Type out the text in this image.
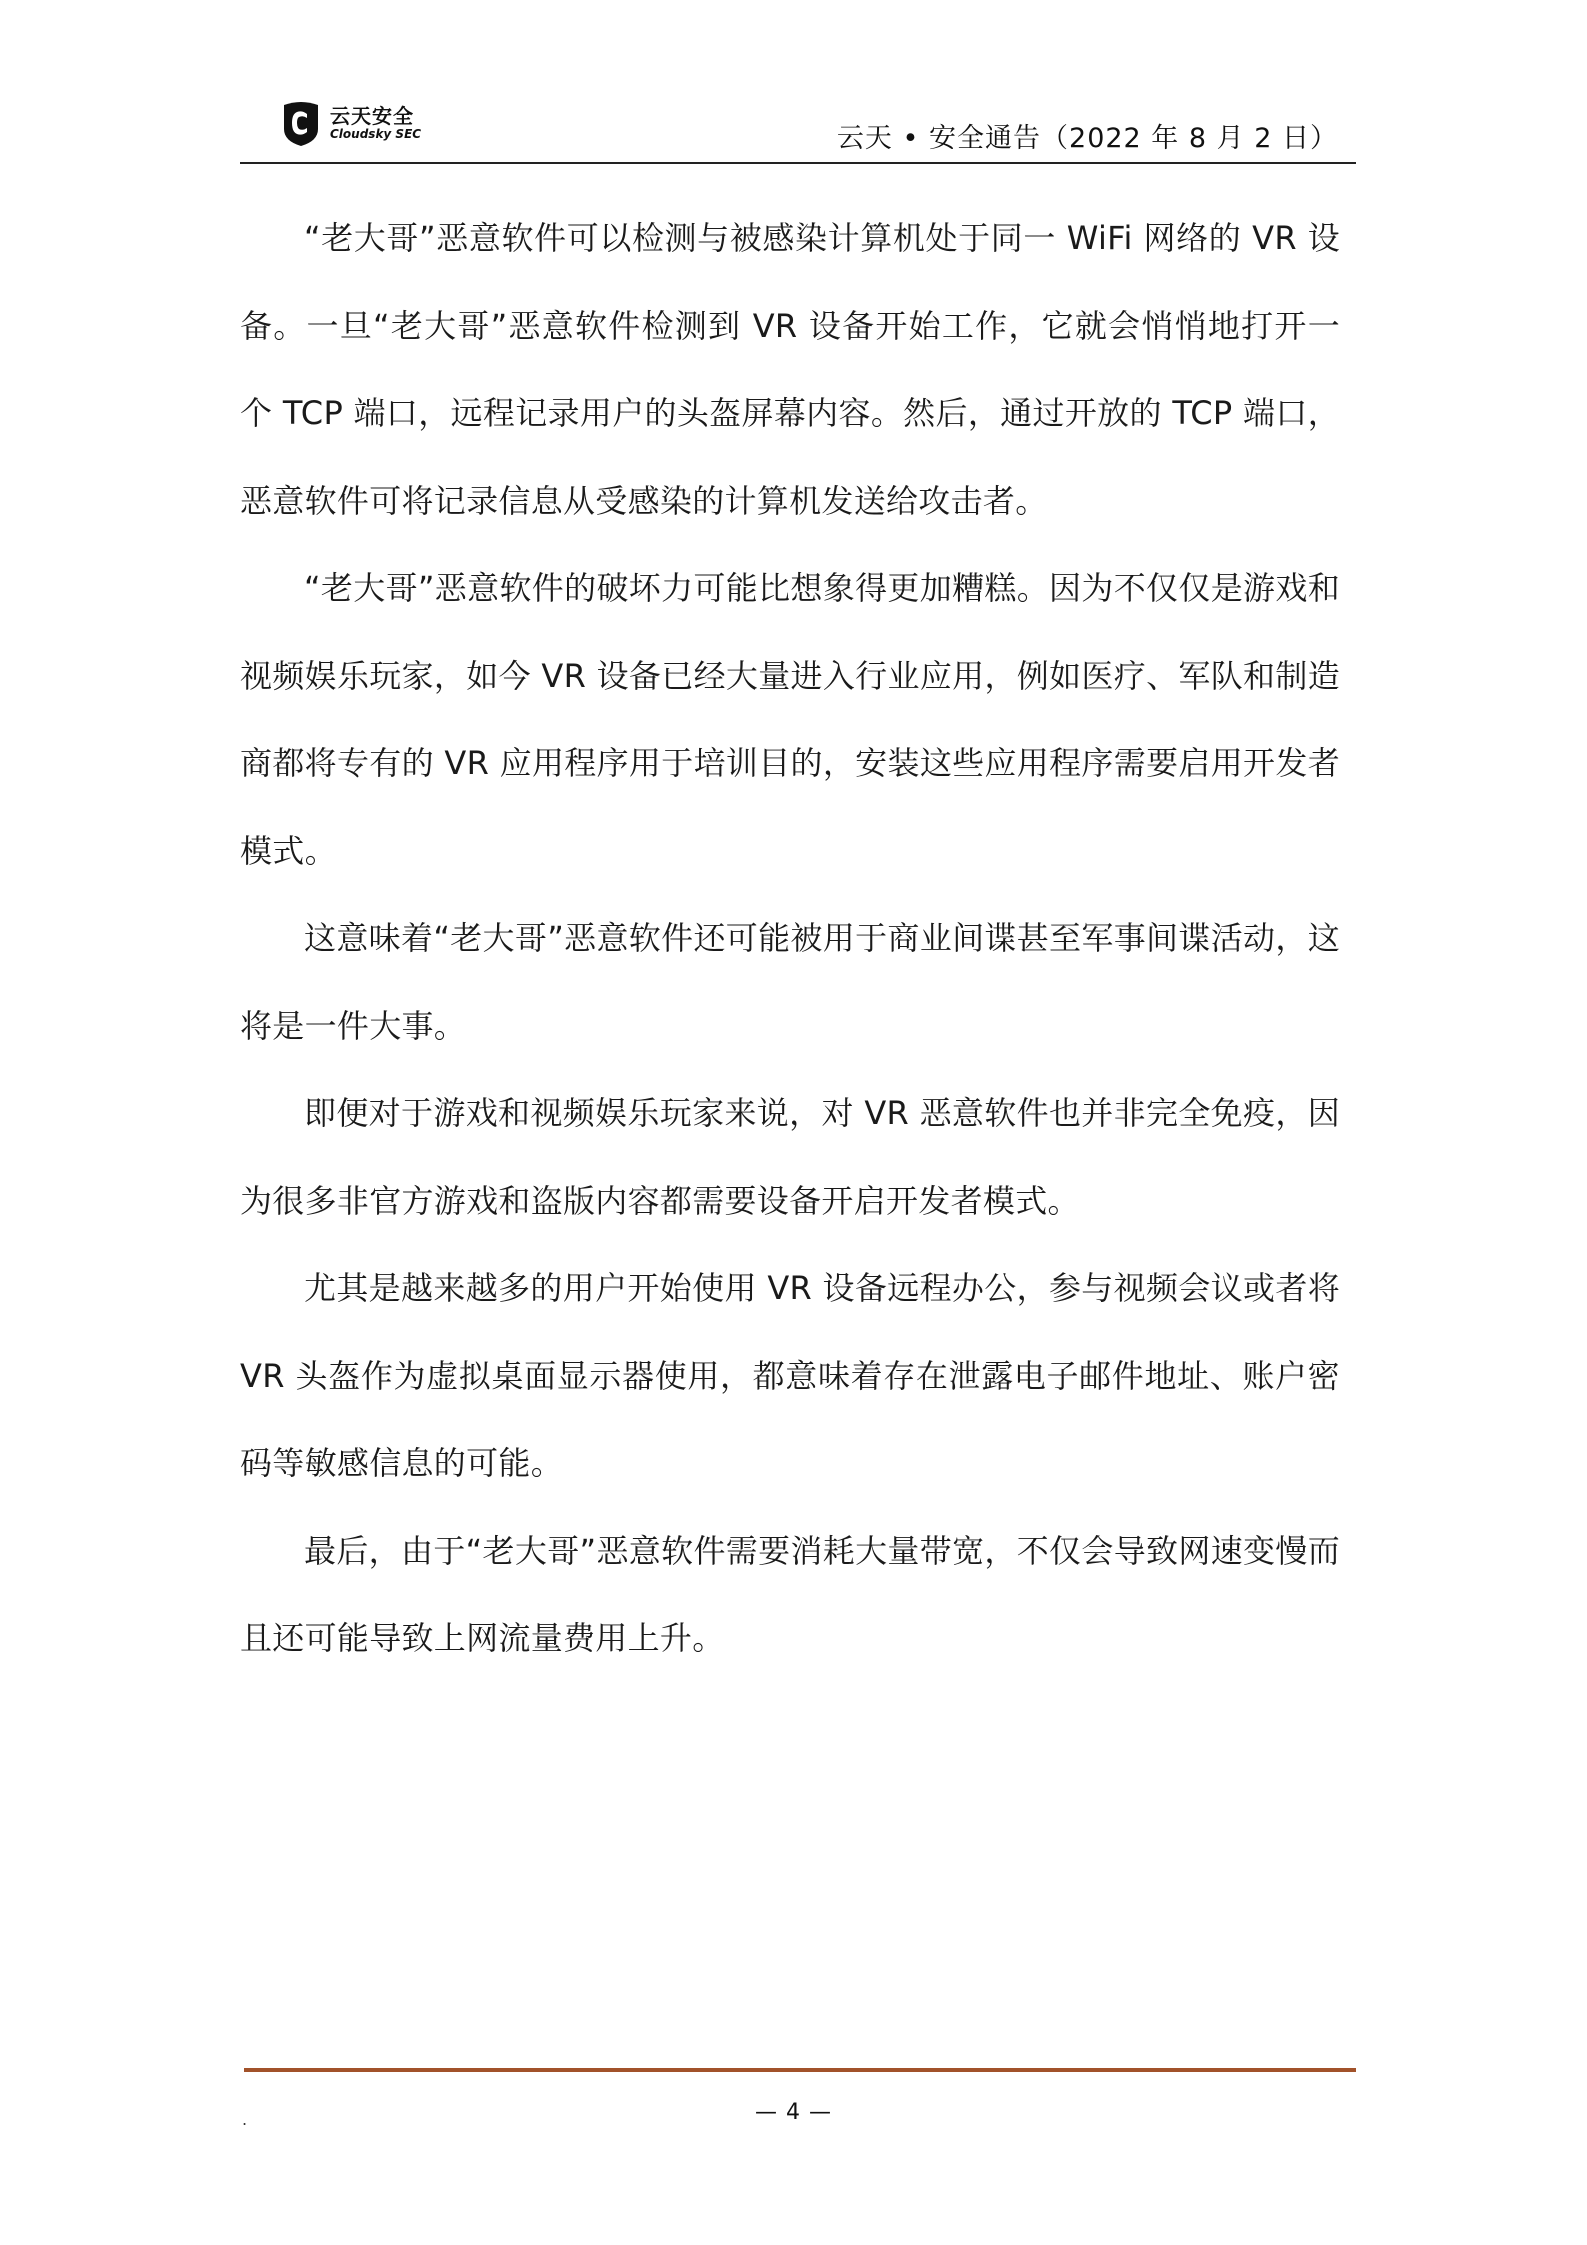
云天安全
Cloudsky SEC	云天 • 安全通告（2022 年 8 月 2 日）

“老大哥”恶意软件可以检测与被感染计算机处于同一 WiFi 网络的 VR 设备。一旦“老大哥”恶意软件检测到 VR 设备开始工作，它就会悄悄地打开一个 TCP 端口，远程记录用户的头盔屏幕内容。然后，通过开放的 TCP 端口，恶意软件可将记录信息从受感染的计算机发送给攻击者。

“老大哥”恶意软件的破坏力可能比想象得更加糟糕。因为不仅仅是游戏和视频娱乐玩家，如今 VR 设备已经大量进入行业应用，例如医疗、军队和制造商都将专有的 VR 应用程序用于培训目的，安装这些应用程序需要启用开发者模式。

这意味着“老大哥”恶意软件还可能被用于商业间谍甚至军事间谍活动，这将是一件大事。

即便对于游戏和视频娱乐玩家来说，对 VR 恶意软件也并非完全免疫，因为很多非官方游戏和盗版内容都需要设备开启开发者模式。

尤其是越来越多的用户开始使用 VR 设备远程办公，参与视频会议或者将 VR 头盔作为虚拟桌面显示器使用，都意味着存在泄露电子邮件地址、账户密码等敏感信息的可能。

最后，由于“老大哥”恶意软件需要消耗大量带宽，不仅会导致网速变慢而且还可能导致上网流量费用上升。

.	— 4 —
